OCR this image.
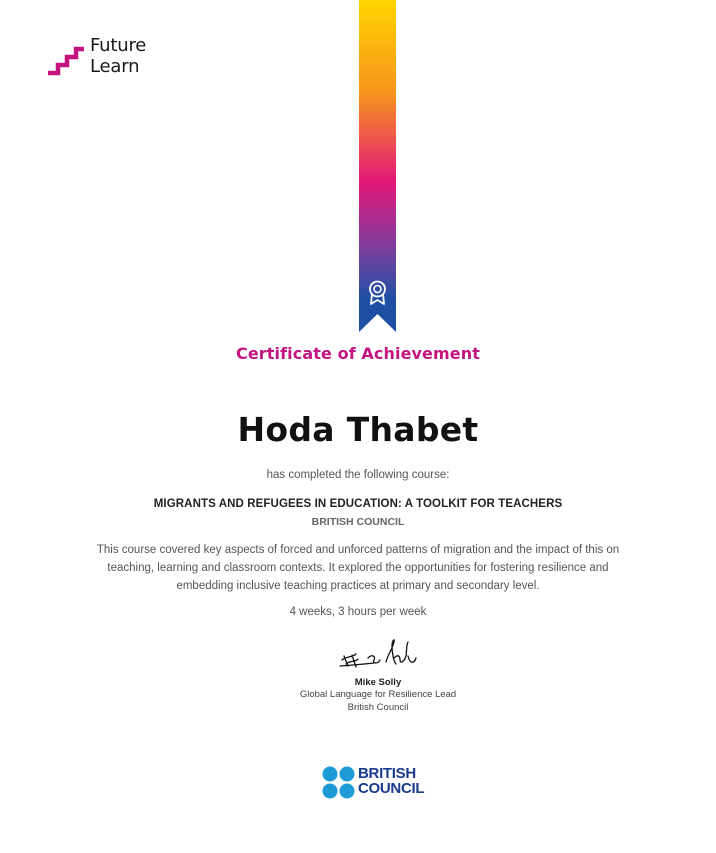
Future
Learn
Certificate of Achievement
Hoda Thabet
has completed the following course:
MIGRANTS AND REFUGEES IN EDUCATION: A TOOLKIT FOR TEACHERS
BRITISH COUNCIL
This course covered key aspects of forced and unforced patterns of migration and the impact of this on teaching, learning and classroom contexts. It explored the opportunities for fostering resilience and embedding inclusive teaching practices at primary and secondary level.
4 weeks, 3 hours per week
Mike Solly
Global Language for Resilience Lead
British Council
BRITISH
COUNCIL
